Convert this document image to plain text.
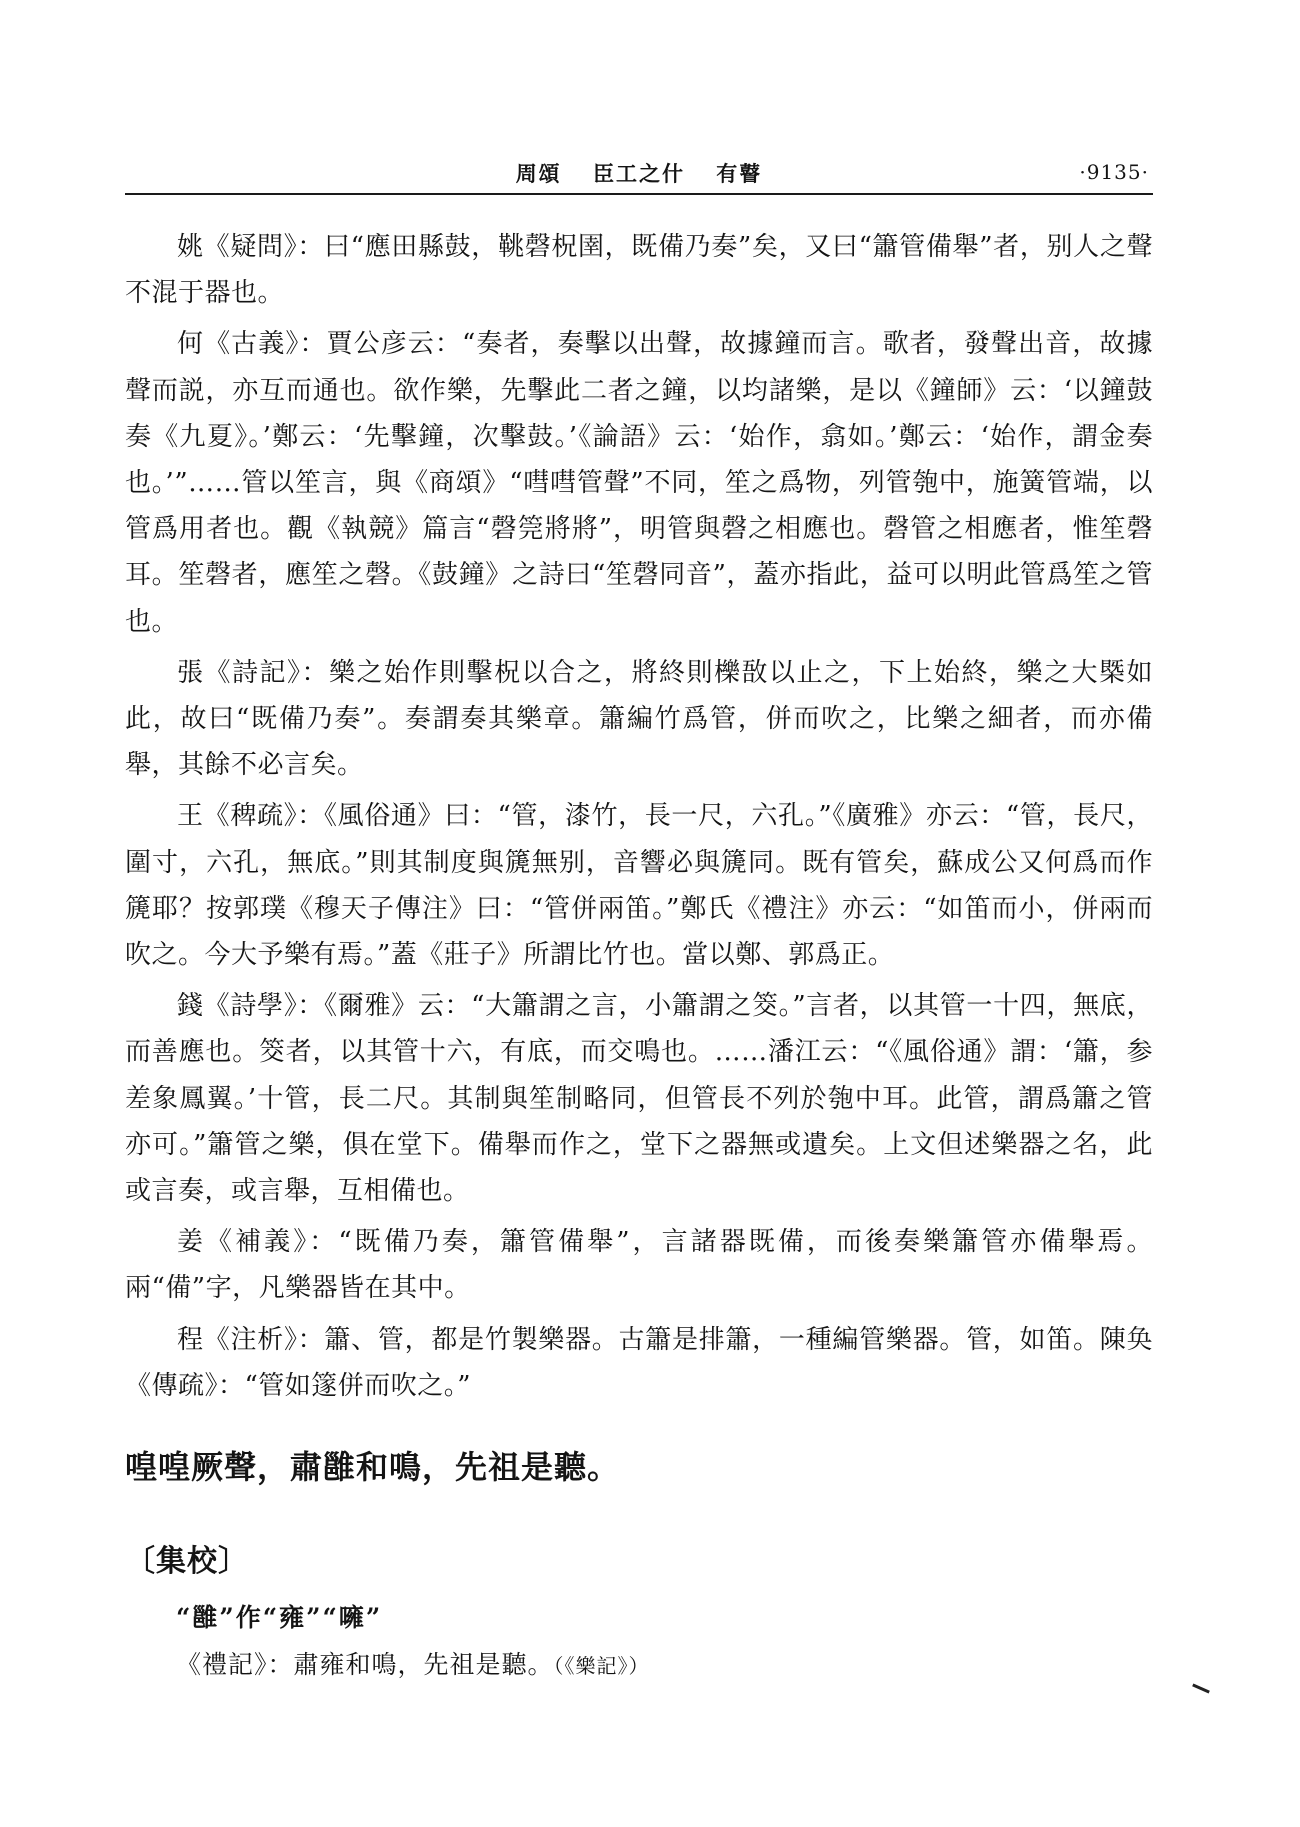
周頌 臣工之什 有瞽	·9135·

姚《疑問》：曰“應田縣鼓，鞉磬柷圉，既備乃奏”矣，又曰“簫管備舉”者，别人之聲不混于器也。

何《古義》：賈公彦云：“奏者，奏擊以出聲，故據鐘而言。歌者，發聲出音，故據聲而説，亦互而通也。欲作樂，先擊此二者之鐘，以均諸樂，是以《鐘師》云：‘以鐘鼓奏《九夏》。’鄭云：‘先擊鐘，次擊鼓。’《論語》云：‘始作，翕如。’鄭云：‘始作，謂金奏也。’”……管以笙言，與《商頌》“嘒嘒管聲”不同，笙之爲物，列管匏中，施簧管端，以管爲用者也。觀《執競》篇言“磬筦將將”，明管與磬之相應也。磬管之相應者，惟笙磬耳。笙磬者，應笙之磬。《鼓鐘》之詩曰“笙磬同音”，蓋亦指此，益可以明此管爲笙之管也。

張《詩記》：樂之始作則擊柷以合之，將終則櫟敔以止之，下上始終，樂之大槩如此，故曰“既備乃奏”。奏謂奏其樂章。簫編竹爲管，併而吹之，比樂之細者，而亦備舉，其餘不必言矣。

王《稗疏》：《風俗通》曰：“管，漆竹，長一尺，六孔。”《廣雅》亦云：“管，長尺，圍寸，六孔，無底。”則其制度與篪無别，音響必與篪同。既有管矣，蘇成公又何爲而作篪耶？按郭璞《穆天子傳注》曰：“管併兩笛。”鄭氏《禮注》亦云：“如笛而小，併兩而吹之。今大予樂有焉。”蓋《莊子》所謂比竹也。當以鄭、郭爲正。

錢《詩學》：《爾雅》云：“大簫謂之言，小簫謂之筊。”言者，以其管一十四，無底，而善應也。筊者，以其管十六，有底，而交鳴也。……潘江云：“《風俗通》謂：‘簫，参差象鳳翼。’十管，長二尺。其制與笙制略同，但管長不列於匏中耳。此管，謂爲簫之管亦可。”簫管之樂，俱在堂下。備舉而作之，堂下之器無或遺矣。上文但述樂器之名，此或言奏，或言舉，互相備也。

姜《補義》：“既備乃奏，簫管備舉”，言諸器既備，而後奏樂簫管亦備舉焉。兩“備”字，凡樂器皆在其中。

程《注析》：簫、管，都是竹製樂器。古簫是排簫，一種編管樂器。管，如笛。陳奂《傳疏》：“管如篴併而吹之。”

喤喤厥聲，肅雝和鳴，先祖是聽。

〔集校〕

“雝”作“雍”“噰”

《禮記》：肅雍和鳴，先祖是聽。（《樂記》）
